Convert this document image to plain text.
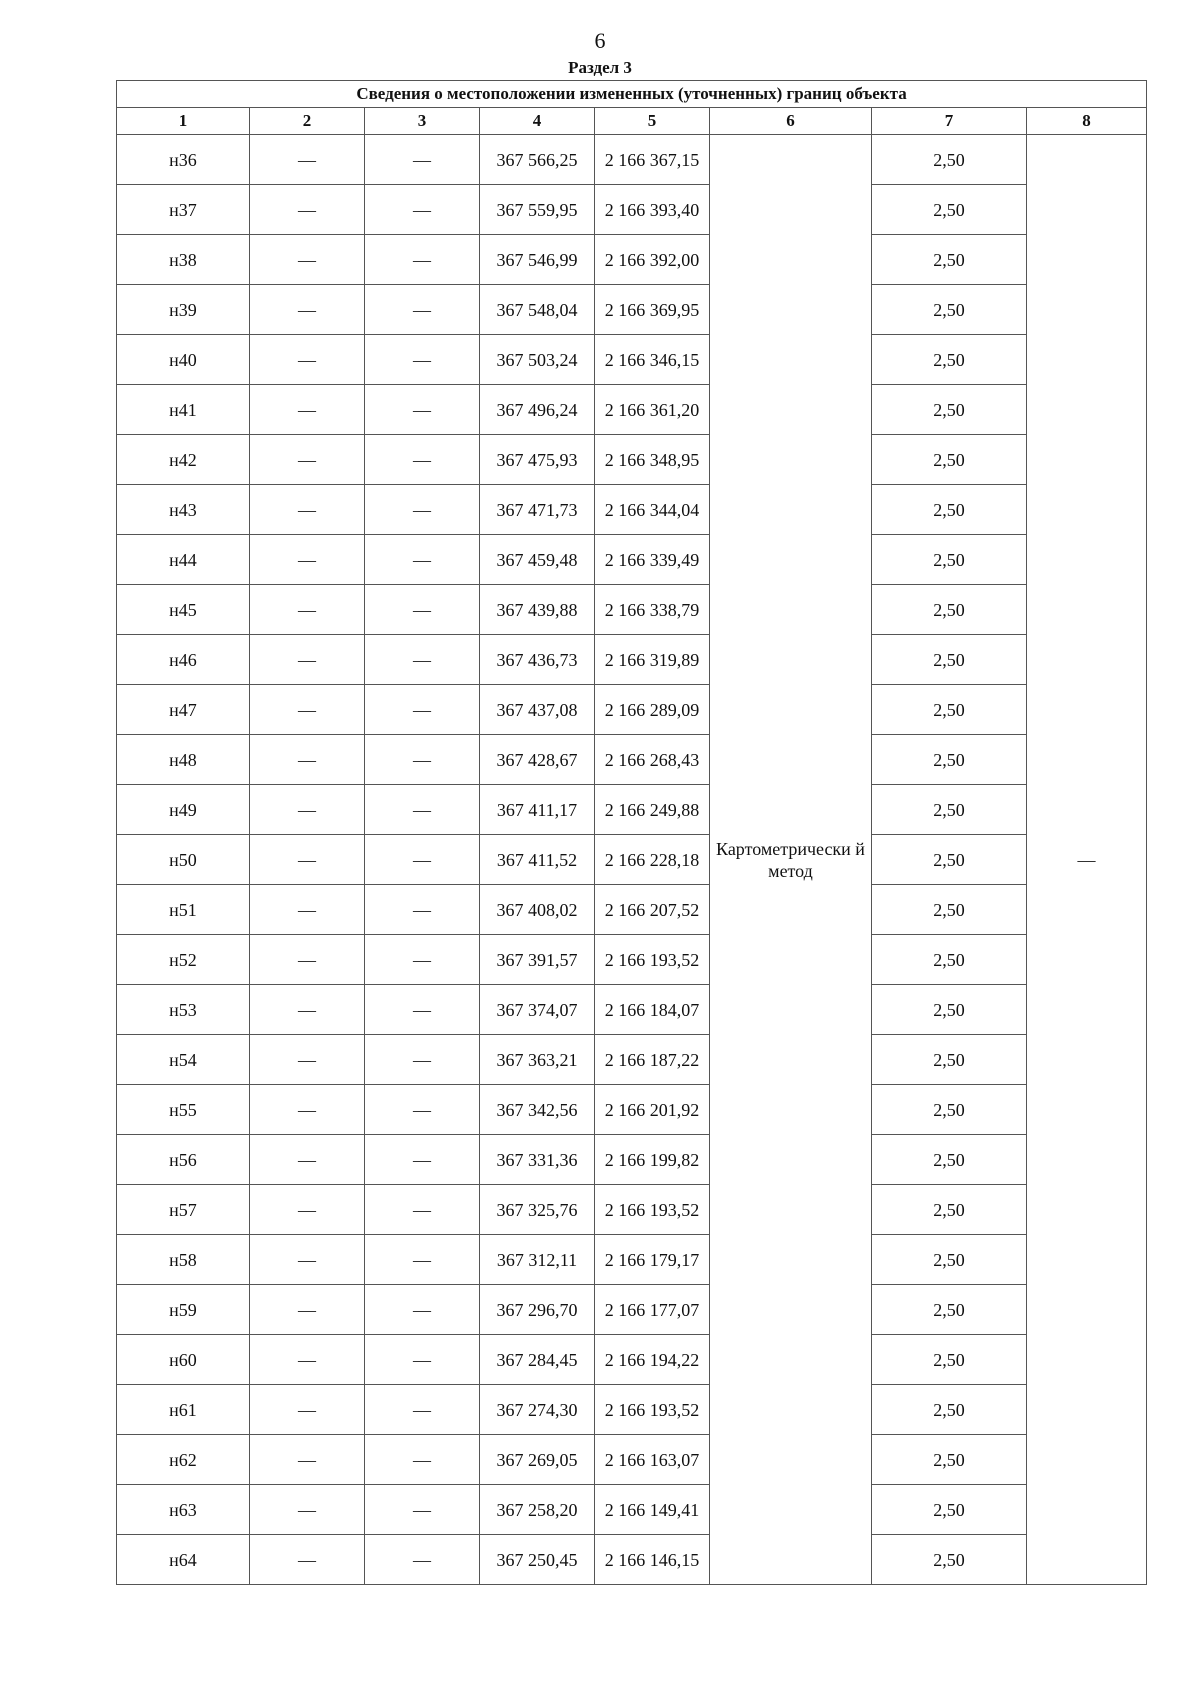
6
Раздел 3
Сведения о местоположении измененных (уточненных) границ объекта							
1	2	3	4	5	6	7	8
н36	—	—	367 566,25	2 166 367,15	Картометрически й метод	2,50	—
н37	—	—	367 559,95	2 166 393,40		2,50	
н38	—	—	367 546,99	2 166 392,00		2,50	
н39	—	—	367 548,04	2 166 369,95		2,50	
н40	—	—	367 503,24	2 166 346,15		2,50	
н41	—	—	367 496,24	2 166 361,20		2,50	
н42	—	—	367 475,93	2 166 348,95		2,50	
н43	—	—	367 471,73	2 166 344,04		2,50	
н44	—	—	367 459,48	2 166 339,49		2,50	
н45	—	—	367 439,88	2 166 338,79		2,50	
н46	—	—	367 436,73	2 166 319,89		2,50	
н47	—	—	367 437,08	2 166 289,09		2,50	
н48	—	—	367 428,67	2 166 268,43		2,50	
н49	—	—	367 411,17	2 166 249,88		2,50	
н50	—	—	367 411,52	2 166 228,18		2,50	
н51	—	—	367 408,02	2 166 207,52		2,50	
н52	—	—	367 391,57	2 166 193,52		2,50	
н53	—	—	367 374,07	2 166 184,07		2,50	
н54	—	—	367 363,21	2 166 187,22		2,50	
н55	—	—	367 342,56	2 166 201,92		2,50	
н56	—	—	367 331,36	2 166 199,82		2,50	
н57	—	—	367 325,76	2 166 193,52		2,50	
н58	—	—	367 312,11	2 166 179,17		2,50	
н59	—	—	367 296,70	2 166 177,07		2,50	
н60	—	—	367 284,45	2 166 194,22		2,50	
н61	—	—	367 274,30	2 166 193,52		2,50	
н62	—	—	367 269,05	2 166 163,07		2,50	
н63	—	—	367 258,20	2 166 149,41		2,50	
н64	—	—	367 250,45	2 166 146,15		2,50	
